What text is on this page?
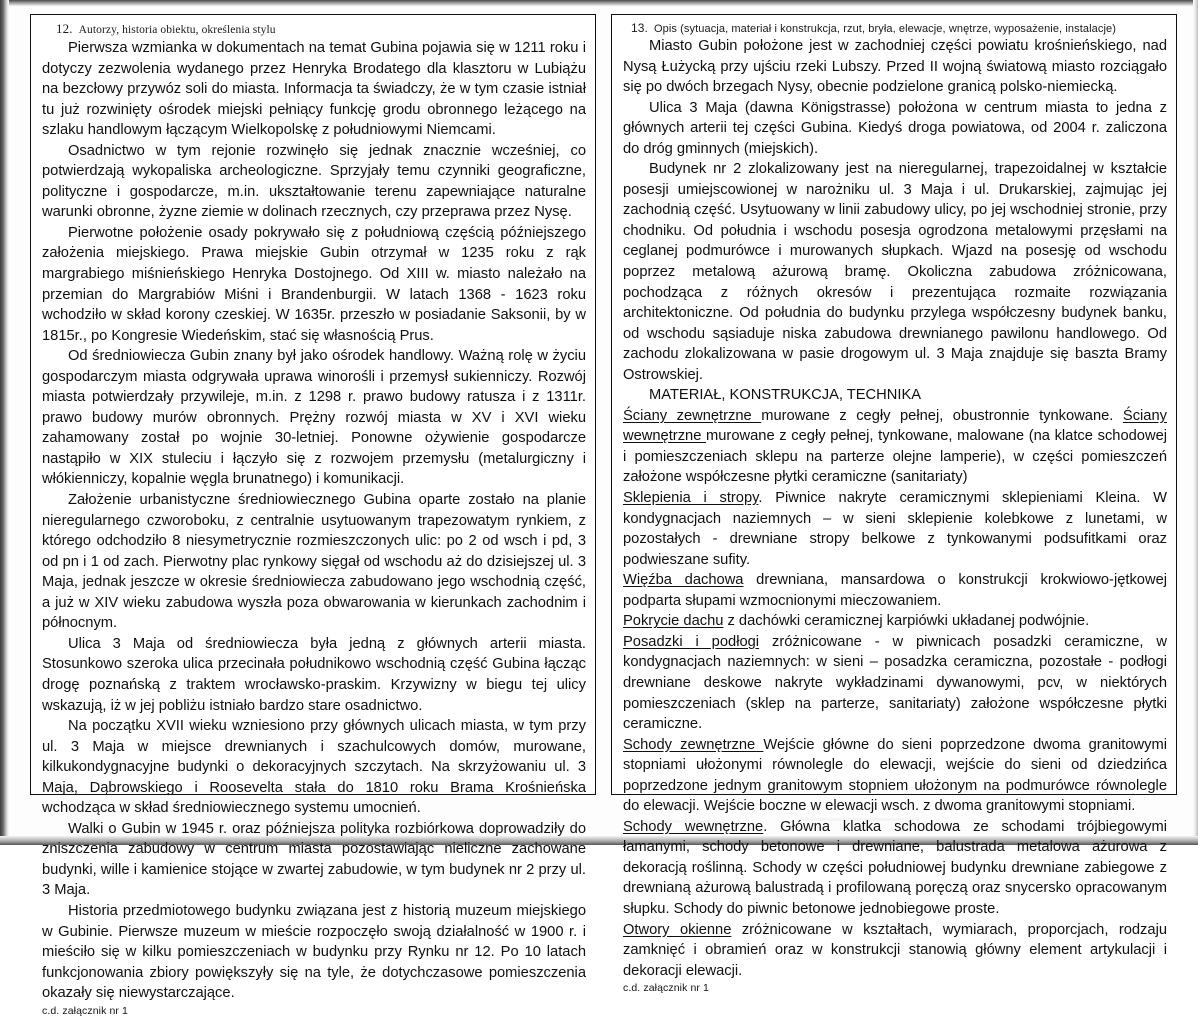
12. Autorzy, historia obiektu, określenia stylu

Pierwsza wzmianka w dokumentach na temat Gubina pojawia się w 1211 roku i dotyczy zezwolenia wydanego przez Henryka Brodatego dla klasztoru w Lubiążu na bezcłowy przywóz soli do miasta. Informacja ta świadczy, że w tym czasie istniał tu już rozwinięty ośrodek miejski pełniący funkcję grodu obronnego leżącego na szlaku handlowym łączącym Wielkopolskę z południowymi Niemcami.

Osadnictwo w tym rejonie rozwinęło się jednak znacznie wcześniej, co potwierdzają wykopaliska archeologiczne. Sprzyjały temu czynniki geograficzne, polityczne i gospodarcze, m.in. ukształtowanie terenu zapewniające naturalne warunki obronne, żyzne ziemie w dolinach rzecznych, czy przeprawa przez Nysę.

Pierwotne położenie osady pokrywało się z południową częścią późniejszego założenia miejskiego. Prawa miejskie Gubin otrzymał w 1235 roku z rąk margrabiego miśnieńskiego Henryka Dostojnego. Od XIII w. miasto należało na przemian do Margrabiów Miśni i Brandenburgii. W latach 1368 - 1623 roku wchodziło w skład korony czeskiej. W 1635r. przeszło w posiadanie Saksonii, by w 1815r., po Kongresie Wiedeńskim, stać się własnością Prus.

Od średniowiecza Gubin znany był jako ośrodek handlowy. Ważną rolę w życiu gospodarczym miasta odgrywała uprawa winorośli i przemysł sukienniczy. Rozwój miasta potwierdzały przywileje, m.in. z 1298 r. prawo budowy ratusza i z 1311r. prawo budowy murów obronnych. Prężny rozwój miasta w XV i XVI wieku zahamowany został po wojnie 30-letniej. Ponowne ożywienie gospodarcze nastąpiło w XIX stuleciu i łączyło się z rozwojem przemysłu (metalurgiczny i włókienniczy, kopalnie węgla brunatnego) i komunikacji.

Założenie urbanistyczne średniowiecznego Gubina oparte zostało na planie nieregularnego czworoboku, z centralnie usytuowanym trapezowatym rynkiem, z którego odchodziło 8 niesymetrycznie rozmieszczonych ulic: po 2 od wsch i pd, 3 od pn i 1 od zach. Pierwotny plac rynkowy sięgał od wschodu aż do dzisiejszej ul. 3 Maja, jednak jeszcze w okresie średniowiecza zabudowano jego wschodnią część, a już w XIV wieku zabudowa wyszła poza obwarowania w kierunkach zachodnim i północnym.

Ulica 3 Maja od średniowiecza była jedną z głównych arterii miasta. Stosunkowo szeroka ulica przecinała południkowo wschodnią część Gubina łącząc drogę poznańską z traktem wrocławsko-praskim. Krzywizny w biegu tej ulicy wskazują, iż w jej pobliżu istniało bardzo stare osadnictwo.

Na początku XVII wieku wzniesiono przy głównych ulicach miasta, w tym przy ul. 3 Maja w miejsce drewnianych i szachulcowych domów, murowane, kilkukondygnacyjne budynki o dekoracyjnych szczytach. Na skrzyżowaniu ul. 3 Maja, Dąbrowskiego i Roosevelta stała do 1810 roku Brama Krośnieńska wchodząca w skład średniowiecznego systemu umocnień.

Walki o Gubin w 1945 r. oraz późniejsza polityka rozbiórkowa doprowadziły do zniszczenia zabudowy w centrum miasta pozostawiając nieliczne zachowane budynki, wille i kamienice stojące w zwartej zabudowie, w tym budynek nr 2 przy ul. 3 Maja.

Historia przedmiotowego budynku związana jest z historią muzeum miejskiego w Gubinie. Pierwsze muzeum w mieście rozpoczęło swoją działalność w 1900 r. i mieściło się w kilku pomieszczeniach w budynku przy Rynku nr 12. Po 10 latach funkcjonowania zbiory powiększyły się na tyle, że dotychczasowe pomieszczenia okazały się niewystarczające.

c.d. załącznik nr 1

13. Opis (sytuacja, materiał i konstrukcja, rzut, bryła, elewacje, wnętrze, wyposażenie, instalacje)

Miasto Gubin położone jest w zachodniej części powiatu krośnieńskiego, nad Nysą Łużycką przy ujściu rzeki Lubszy. Przed II wojną światową miasto rozciągało się po dwóch brzegach Nysy, obecnie podzielone granicą polsko-niemiecką.

Ulica 3 Maja (dawna Königstrasse) położona w centrum miasta to jedna z głównych arterii tej części Gubina. Kiedyś droga powiatowa, od 2004 r. zaliczona do dróg gminnych (miejskich).

Budynek nr 2 zlokalizowany jest na nieregularnej, trapezoidalnej w kształcie posesji umiejscowionej w narożniku ul. 3 Maja i ul. Drukarskiej, zajmując jej zachodnią część. Usytuowany w linii zabudowy ulicy, po jej wschodniej stronie, przy chodniku. Od południa i wschodu posesja ogrodzona metalowymi przęsłami na ceglanej podmurówce i murowanych słupkach. Wjazd na posesję od wschodu poprzez metalową ażurową bramę. Okoliczna zabudowa zróżnicowana, pochodząca z różnych okresów i prezentująca rozmaite rozwiązania architektoniczne. Od południa do budynku przylega współczesny budynek banku, od wschodu sąsiaduje niska zabudowa drewnianego pawilonu handlowego. Od zachodu zlokalizowana w pasie drogowym ul. 3 Maja znajduje się baszta Bramy Ostrowskiej.

MATERIAŁ, KONSTRUKCJA, TECHNIKA

Ściany zewnętrzne murowane z cegły pełnej, obustronnie tynkowane. Ściany wewnętrzne murowane z cegły pełnej, tynkowane, malowane (na klatce schodowej i pomieszczeniach sklepu na parterze olejne lamperie), w części pomieszczeń założone współczesne płytki ceramiczne (sanitariaty)

Sklepienia i stropy. Piwnice nakryte ceramicznymi sklepieniami Kleina. W kondygnacjach naziemnych – w sieni sklepienie kolebkowe z lunetami, w pozostałych - drewniane stropy belkowe z tynkowanymi podsufitkami oraz podwieszane sufity.

Więźba dachowa drewniana, mansardowa o konstrukcji krokwiowo-jętkowej podparta słupami wzmocnionymi mieczowaniem.

Pokrycie dachu z dachówki ceramicznej karpiówki układanej podwójnie.

Posadzki i podłogi zróżnicowane - w piwnicach posadzki ceramiczne, w kondygnacjach naziemnych: w sieni – posadzka ceramiczna, pozostałe - podłogi drewniane deskowe nakryte wykładzinami dywanowymi, pcv, w niektórych pomieszczeniach (sklep na parterze, sanitariaty) założone współczesne płytki ceramiczne.

Schody zewnętrzne Wejście główne do sieni poprzedzone dwoma granitowymi stopniami ułożonymi równolegle do elewacji, wejście do sieni od dziedzińca poprzedzone jednym granitowym stopniem ułożonym na podmurówce równolegle do elewacji. Wejście boczne w elewacji wsch. z dwoma granitowymi stopniami.

Schody wewnętrzne. Główna klatka schodowa ze schodami trójbiegowymi łamanymi, schody betonowe i drewniane, balustrada metalowa ażurowa z dekoracją roślinną. Schody w części południowej budynku drewniane zabiegowe z drewnianą ażurową balustradą i profilowaną poręczą oraz snycersko opracowanym słupku. Schody do piwnic betonowe jednobiegowe proste.

Otwory okienne zróżnicowane w kształtach, wymiarach, proporcjach, rodzaju zamknięć i obramień oraz w konstrukcji stanowią główny element artykulacji i dekoracji elewacji.

c.d. załącznik nr 1
